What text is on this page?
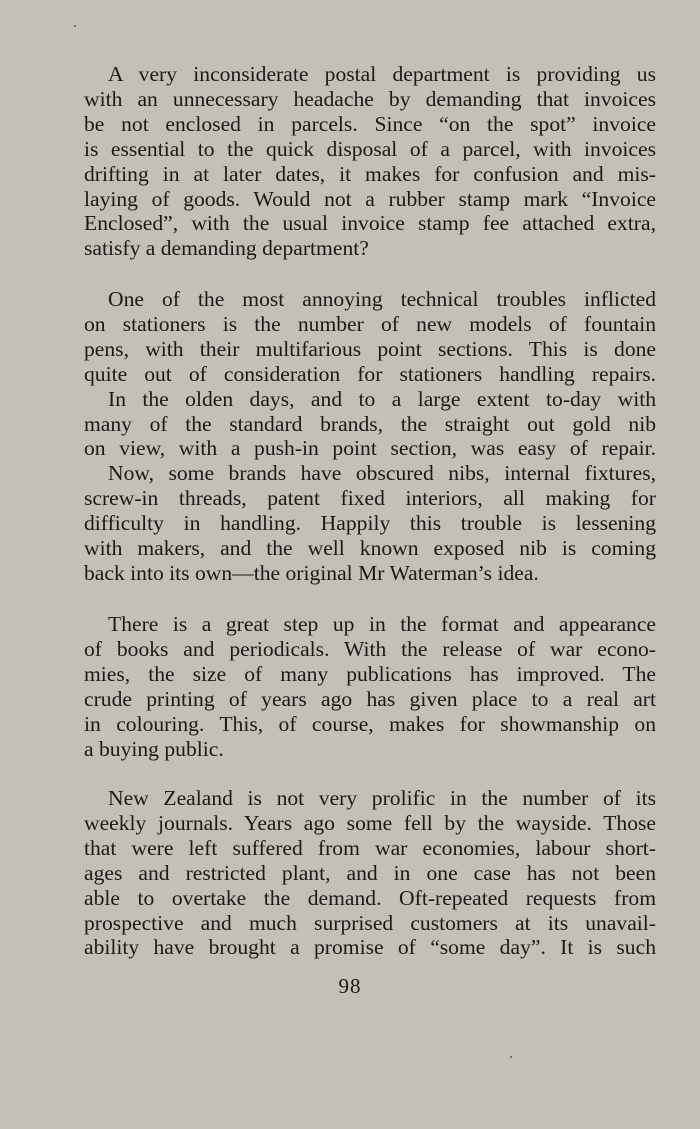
A very inconsiderate postal department is providing us
with an unnecessary headache by demanding that invoices
be not enclosed in parcels. Since “on the spot” invoice
is essential to the quick disposal of a parcel, with invoices
drifting in at later dates, it makes for confusion and mis-
laying of goods. Would not a rubber stamp mark “Invoice
Enclosed”, with the usual invoice stamp fee attached extra,
satisfy a demanding department?
One of the most annoying technical troubles inflicted
on stationers is the number of new models of fountain
pens, with their multifarious point sections. This is done
quite out of consideration for stationers handling repairs.
In the olden days, and to a large extent to-day with
many of the standard brands, the straight out gold nib
on view, with a push-in point section, was easy of repair.
Now, some brands have obscured nibs, internal fixtures,
screw-in threads, patent fixed interiors, all making for
difficulty in handling. Happily this trouble is lessening
with makers, and the well known exposed nib is coming
back into its own—the original Mr Waterman’s idea.
There is a great step up in the format and appearance
of books and periodicals. With the release of war econo-
mies, the size of many publications has improved. The
crude printing of years ago has given place to a real art
in colouring. This, of course, makes for showmanship on
a buying public.
New Zealand is not very prolific in the number of its
weekly journals. Years ago some fell by the wayside. Those
that were left suffered from war economies, labour short-
ages and restricted plant, and in one case has not been
able to overtake the demand. Oft-repeated requests from
prospective and much surprised customers at its unavail-
ability have brought a promise of “some day”. It is such
98
